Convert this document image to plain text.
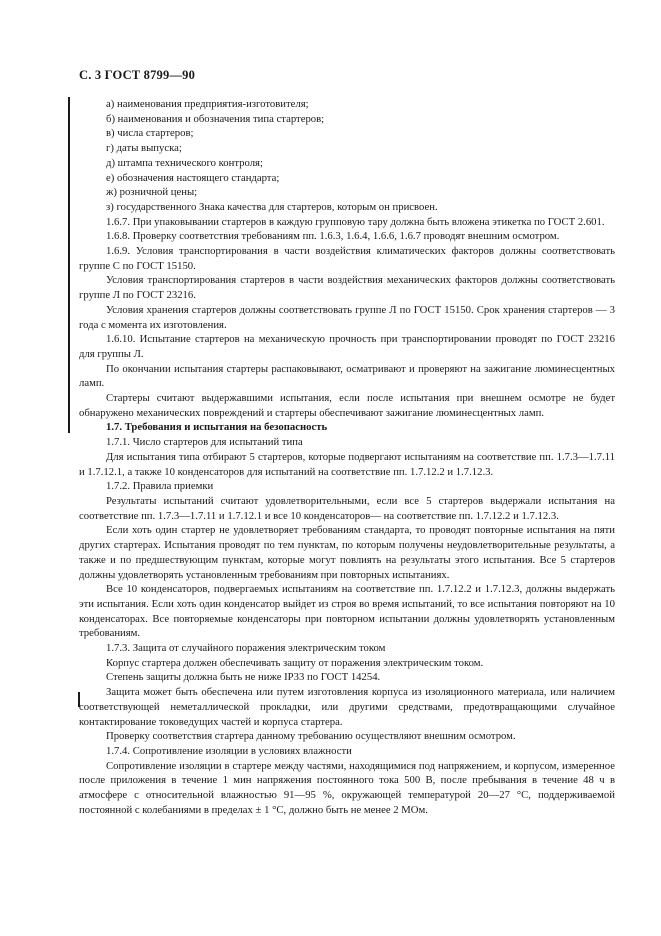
С. 3 ГОСТ 8799—90

а) наименования предприятия-изготовителя;

б) наименования и обозначения типа стартеров;

в) числа стартеров;

г) даты выпуска;

д) штампа технического контроля;

е) обозначения настоящего стандарта;

ж) розничной цены;

з) государственного Знака качества для стартеров, которым он присвоен.

1.6.7. При упаковывании стартеров в каждую групповую тару должна быть вложена этикетка по ГОСТ 2.601.

1.6.8. Проверку соответствия требованиям пп. 1.6.3, 1.6.4, 1.6.6, 1.6.7 проводят внешним осмотром.

1.6.9. Условия транспортирования в части воздействия климатических факторов должны соответствовать группе С по ГОСТ 15150.

Условия транспортирования стартеров в части воздействия механических факторов должны соответствовать группе Л по ГОСТ 23216.

Условия хранения стартеров должны соответствовать группе Л по ГОСТ 15150. Срок хранения стартеров — 3 года с момента их изготовления.

1.6.10. Испытание стартеров на механическую прочность при транспортировании проводят по ГОСТ 23216 для группы Л.

По окончании испытания стартеры распаковывают, осматривают и проверяют на зажигание люминесцентных ламп.

Стартеры считают выдержавшими испытания, если после испытания при внешнем осмотре не будет обнаружено механических повреждений и стартеры обеспечивают зажигание люминесцентных ламп.

1.7. Требования и испытания на безопасность

1.7.1. Число стартеров для испытаний типа

Для испытания типа отбирают 5 стартеров, которые подвергают испытаниям на соответствие пп. 1.7.3—1.7.11 и 1.7.12.1, а также 10 конденсаторов для испытаний на соответствие пп. 1.7.12.2 и 1.7.12.3.

1.7.2. Правила приемки

Результаты испытаний считают удовлетворительными, если все 5 стартеров выдержали испытания на соответствие пп. 1.7.3—1.7.11 и 1.7.12.1 и все 10 конденсаторов— на соответствие пп. 1.7.12.2 и 1.7.12.3.

Если хоть один стартер не удовлетворяет требованиям стандарта, то проводят повторные испытания на пяти других стартерах. Испытания проводят по тем пунктам, по которым получены неудовлетворительные результаты, а также и по предшествующим пунктам, которые могут повлиять на результаты этого испытания. Все 5 стартеров должны удовлетворять установленным требованиям при повторных испытаниях.

Все 10 конденсаторов, подвергаемых испытаниям на соответствие пп. 1.7.12.2 и 1.7.12.3, должны выдержать эти испытания. Если хоть один конденсатор выйдет из строя во время испытаний, то все испытания повторяют на 10 конденсаторах. Все повторяемые конденсаторы при повторном испытании должны удовлетворять установленным требованиям.

1.7.3. Защита от случайного поражения электрическим током

Корпус стартера должен обеспечивать защиту от поражения электрическим током.

Степень защиты должна быть не ниже IP33 по ГОСТ 14254.

Защита может быть обеспечена или путем изготовления корпуса из изоляционного материала, или наличием соответствующей неметаллической прокладки, или другими средствами, предотвращающими случайное контактирование токоведущих частей и корпуса стартера.

Проверку соответствия стартера данному требованию осуществляют внешним осмотром.

1.7.4. Сопротивление изоляции в условиях влажности

Сопротивление изоляции в стартере между частями, находящимися под напряжением, и корпусом, измеренное после приложения в течение 1 мин напряжения постоянного тока 500 В, после пребывания в течение 48 ч в атмосфере с относительной влажностью 91—95 %, окружающей температурой 20—27 °С, поддерживаемой постоянной с колебаниями в пределах ± 1 °С, должно быть не менее 2 МОм.
